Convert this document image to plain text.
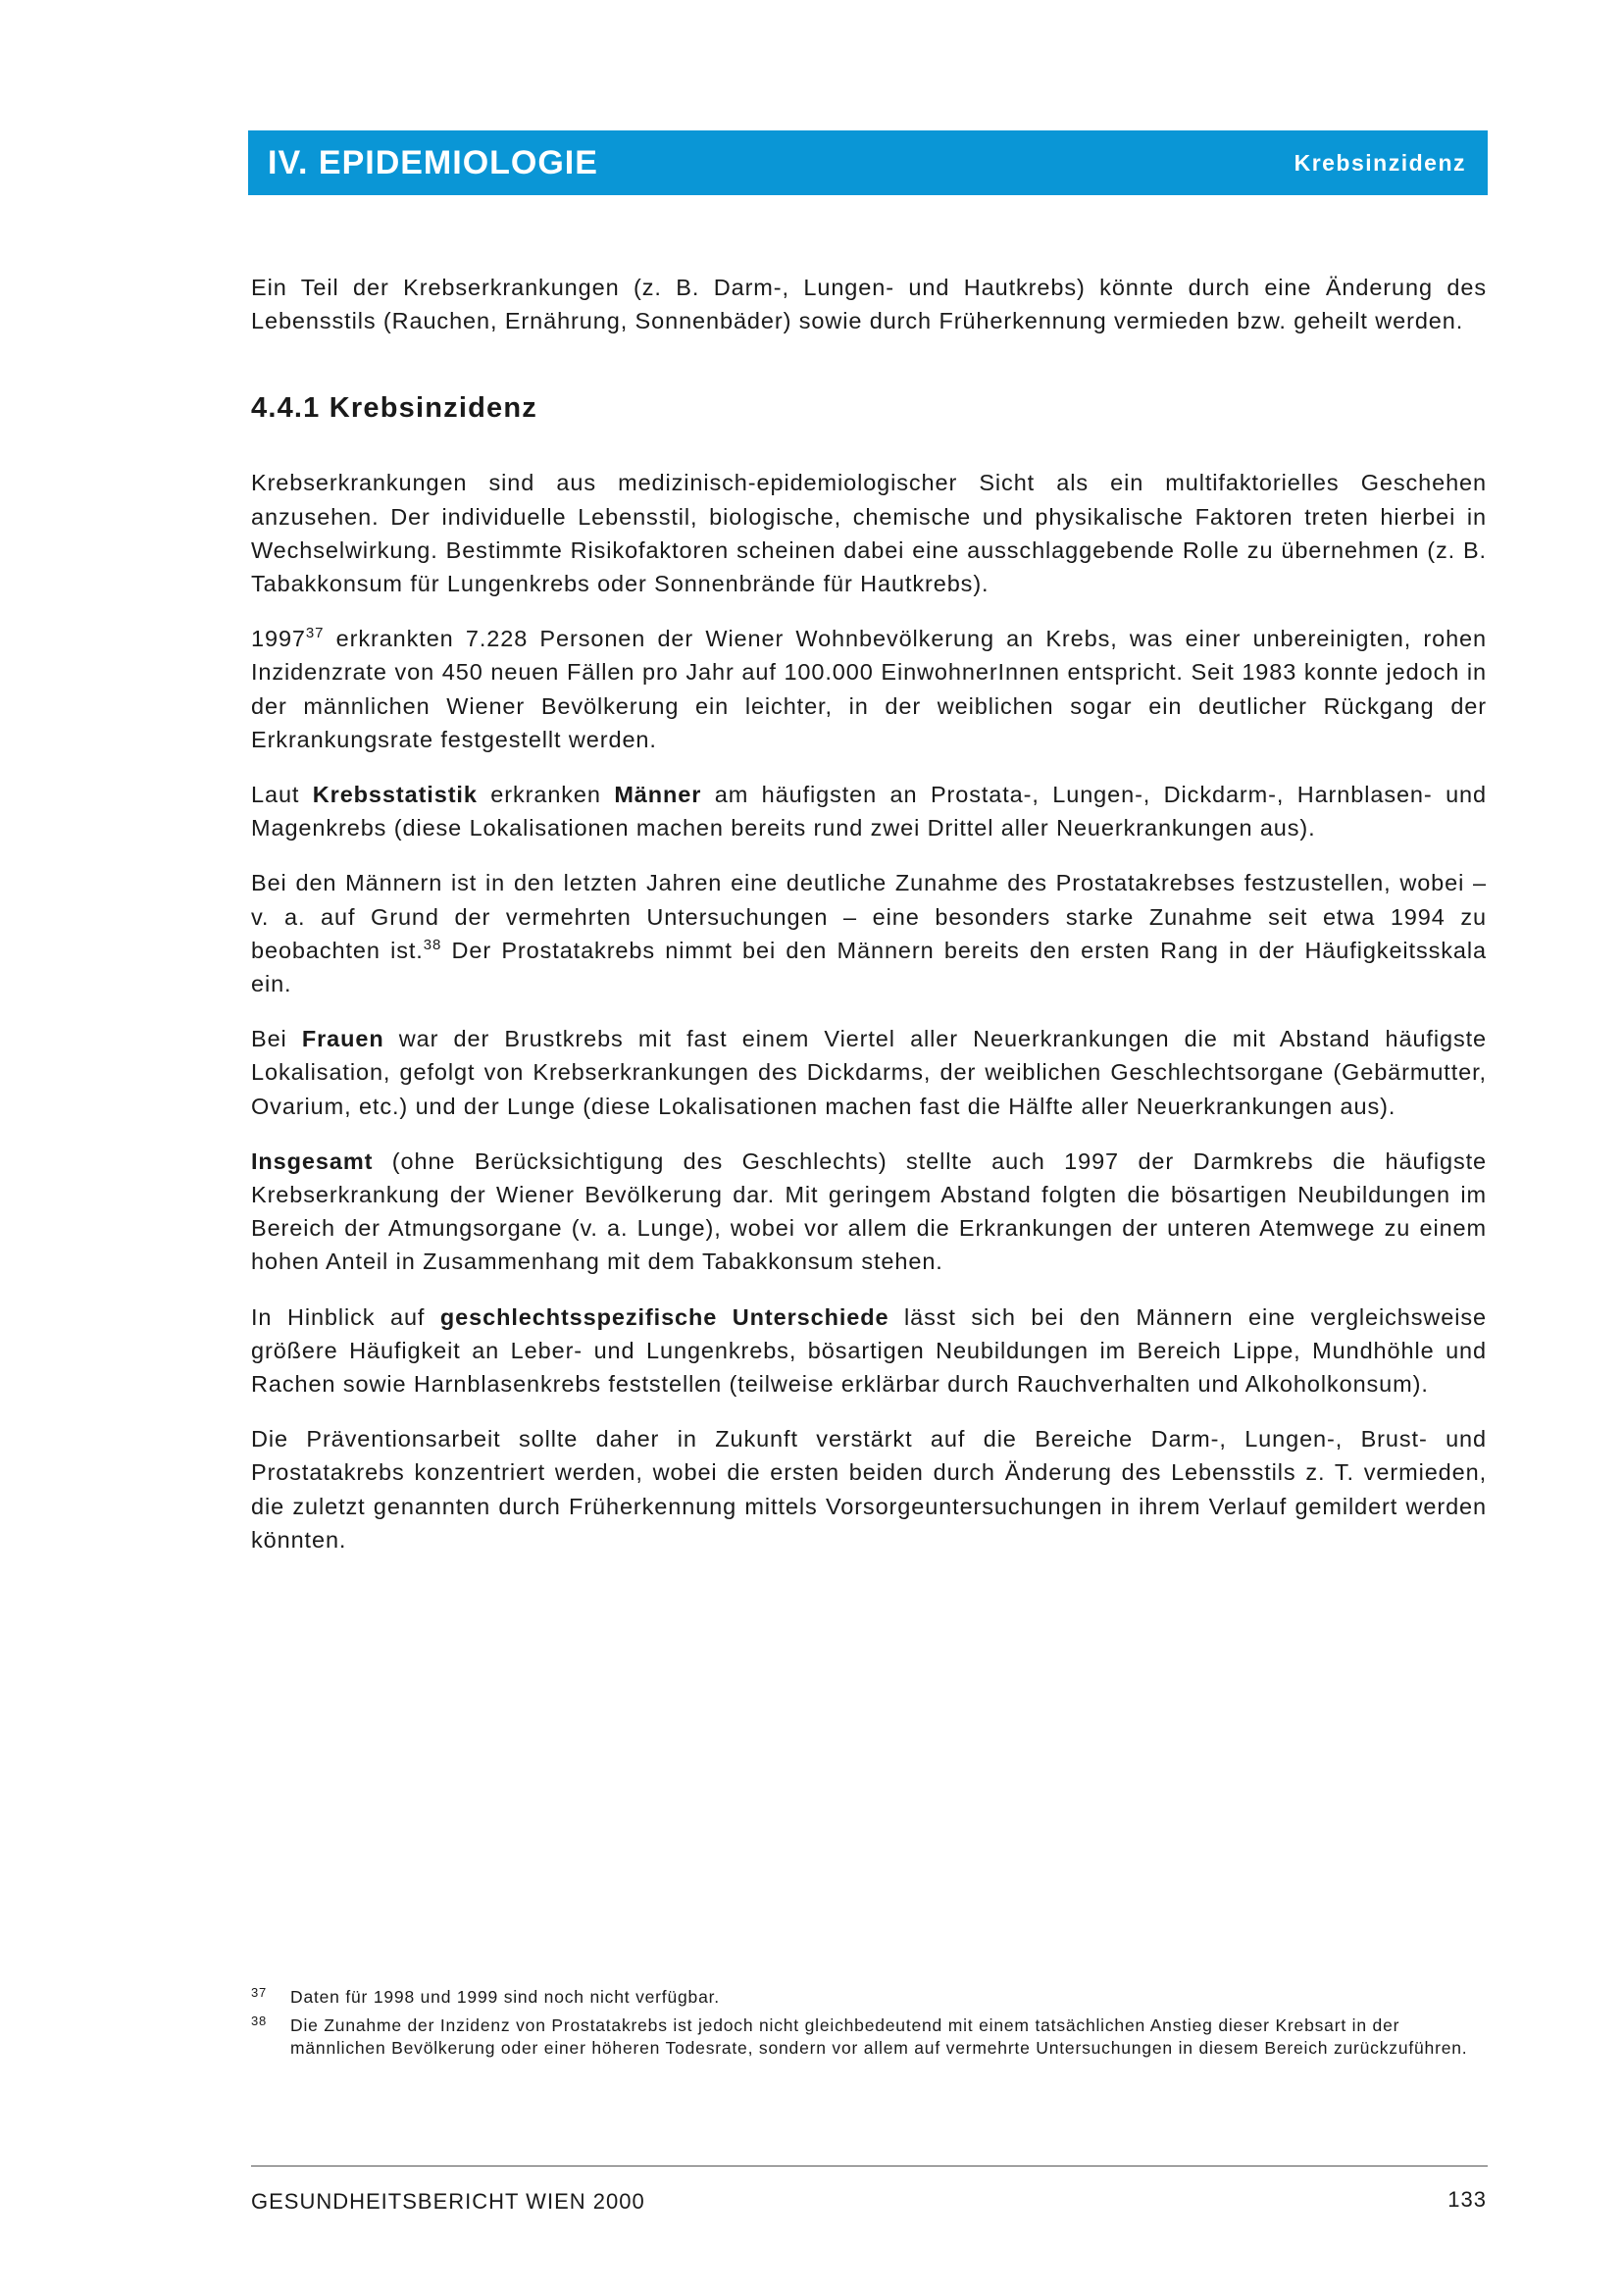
IV. EPIDEMIOLOGIE	Krebsinzidenz

Ein Teil der Krebserkrankungen (z. B. Darm-, Lungen- und Hautkrebs) könnte durch eine Änderung des Lebensstils (Rauchen, Ernährung, Sonnenbäder) sowie durch Früherkennung vermieden bzw. geheilt werden.

4.4.1 Krebsinzidenz

Krebserkrankungen sind aus medizinisch-epidemiologischer Sicht als ein multifaktorielles Geschehen anzusehen. Der individuelle Lebensstil, biologische, chemische und physikalische Faktoren treten hierbei in Wechselwirkung. Bestimmte Risikofaktoren scheinen dabei eine ausschlaggebende Rolle zu übernehmen (z. B. Tabakkonsum für Lungenkrebs oder Sonnenbrände für Hautkrebs).

1997$^{37}$ erkrankten 7.228 Personen der Wiener Wohnbevölkerung an Krebs, was einer unbereinigten, rohen Inzidenzrate von 450 neuen Fällen pro Jahr auf 100.000 EinwohnerInnen entspricht. Seit 1983 konnte jedoch in der männlichen Wiener Bevölkerung ein leichter, in der weiblichen sogar ein deutlicher Rückgang der Erkrankungsrate festgestellt werden.

Laut Krebsstatistik erkranken Männer am häufigsten an Prostata-, Lungen-, Dickdarm-, Harnblasen- und Magenkrebs (diese Lokalisationen machen bereits rund zwei Drittel aller Neuerkrankungen aus).

Bei den Männern ist in den letzten Jahren eine deutliche Zunahme des Prostatakrebses festzustellen, wobei – v. a. auf Grund der vermehrten Untersuchungen – eine besonders starke Zunahme seit etwa 1994 zu beobachten ist.$^{38}$ Der Prostatakrebs nimmt bei den Männern bereits den ersten Rang in der Häufigkeitsskala ein.

Bei Frauen war der Brustkrebs mit fast einem Viertel aller Neuerkrankungen die mit Abstand häufigste Lokalisation, gefolgt von Krebserkrankungen des Dickdarms, der weiblichen Geschlechtsorgane (Gebärmutter, Ovarium, etc.) und der Lunge (diese Lokalisationen machen fast die Hälfte aller Neuerkrankungen aus).

Insgesamt (ohne Berücksichtigung des Geschlechts) stellte auch 1997 der Darmkrebs die häufigste Krebserkrankung der Wiener Bevölkerung dar. Mit geringem Abstand folgten die bösartigen Neubildungen im Bereich der Atmungsorgane (v. a. Lunge), wobei vor allem die Erkrankungen der unteren Atemwege zu einem hohen Anteil in Zusammenhang mit dem Tabakkonsum stehen.

In Hinblick auf geschlechtsspezifische Unterschiede lässt sich bei den Männern eine vergleichsweise größere Häufigkeit an Leber- und Lungenkrebs, bösartigen Neubildungen im Bereich Lippe, Mundhöhle und Rachen sowie Harnblasenkrebs feststellen (teilweise erklärbar durch Rauchverhalten und Alkoholkonsum).

Die Präventionsarbeit sollte daher in Zukunft verstärkt auf die Bereiche Darm-, Lungen-, Brust- und Prostatakrebs konzentriert werden, wobei die ersten beiden durch Änderung des Lebensstils z. T. vermieden, die zuletzt genannten durch Früherkennung mittels Vorsorgeuntersuchungen in ihrem Verlauf gemildert werden könnten.

37	Daten für 1998 und 1999 sind noch nicht verfügbar.
38	Die Zunahme der Inzidenz von Prostatakrebs ist jedoch nicht gleichbedeutend mit einem tatsächlichen Anstieg dieser Krebsart in der männlichen Bevölkerung oder einer höheren Todesrate, sondern vor allem auf vermehrte Untersuchungen in diesem Bereich zurückzuführen.
GESUNDHEITSBERICHT WIEN 2000	133
